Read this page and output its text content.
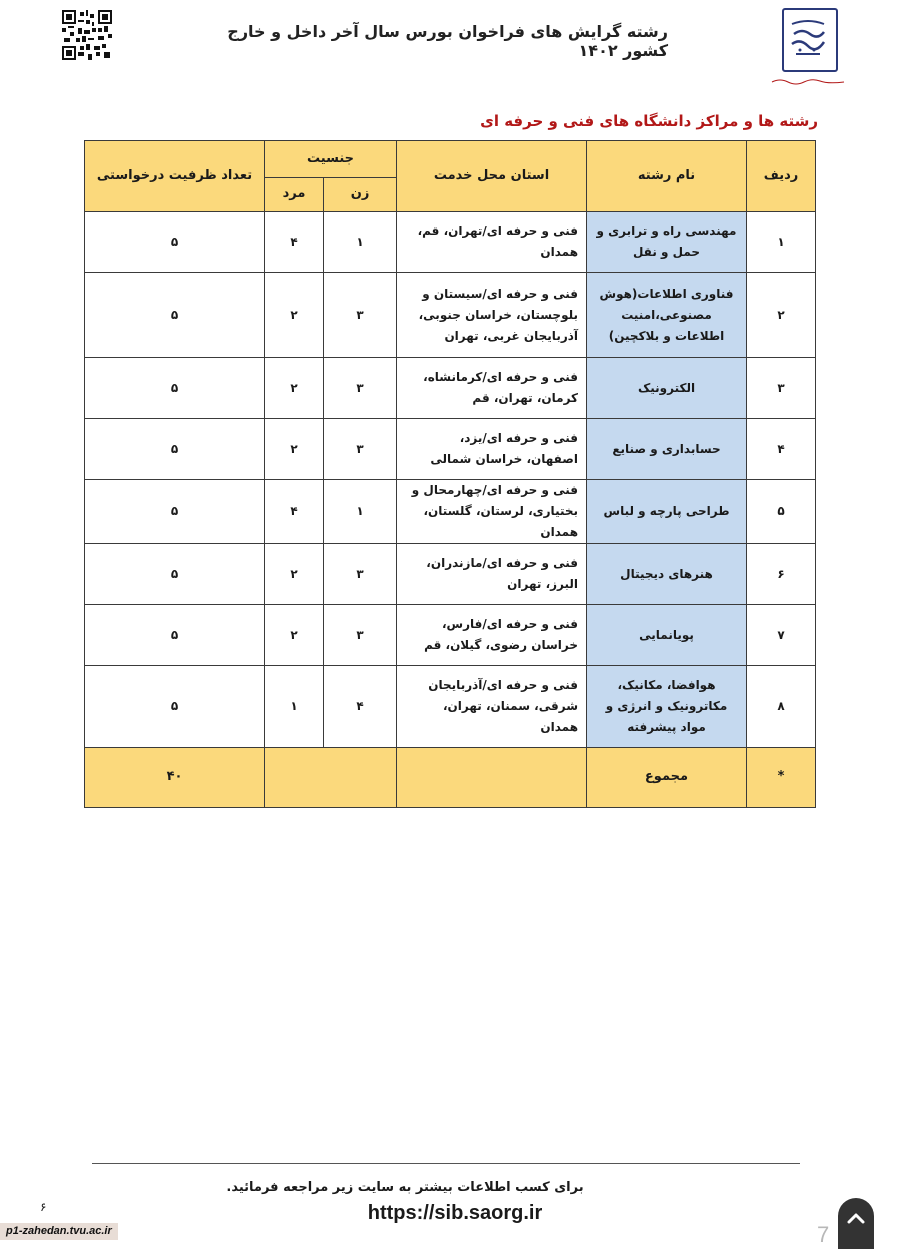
رشته گرایش های فراخوان بورس سال آخر داخل و خارج کشور ۱۴۰۲
رشته ها و مراکز دانشگاه های فنی و حرفه ای
ردیف	نام رشته	استان محل خدمت	جنسیت		تعداد ظرفیت درخواستی
			زن	مرد	
۱	مهندسی راه و ترابری و حمل و نقل	فنی و حرفه ای/تهران، قم، همدان	۱	۴	۵
۲	فناوری اطلاعات(هوش مصنوعی،امنیت اطلاعات و بلاکچین)	فنی و حرفه ای/سیستان و بلوچستان، خراسان جنوبی، آذربایجان غربی، تهران	۳	۲	۵
۳	الکترونیک	فنی و حرفه ای/کرمانشاه، کرمان، تهران، قم	۳	۲	۵
۴	حسابداری و صنایع	فنی و حرفه ای/یزد، اصفهان، خراسان شمالی	۳	۲	۵
۵	طراحی پارچه و لباس	فنی و حرفه ای/چهارمحال و بختیاری، لرستان، گلستان، همدان	۱	۴	۵
۶	هنرهای دیجیتال	فنی و حرفه ای/مازندران، البرز، تهران	۳	۲	۵
۷	پویانمایی	فنی و حرفه ای/فارس، خراسان رضوی، گیلان، قم	۳	۲	۵
۸	هوافضا، مکانیک، مکاترونیک و انرژی و مواد پیشرفته	فنی و حرفه ای/آذربایجان شرقی، سمنان، تهران، همدان	۴	۱	۵
*	مجموع				۴۰
برای کسب اطلاعات بیشتر به سایت زیر مراجعه فرمائید.
https://sib.saorg.ir
۶
p1-zahedan.tvu.ac.ir	7
